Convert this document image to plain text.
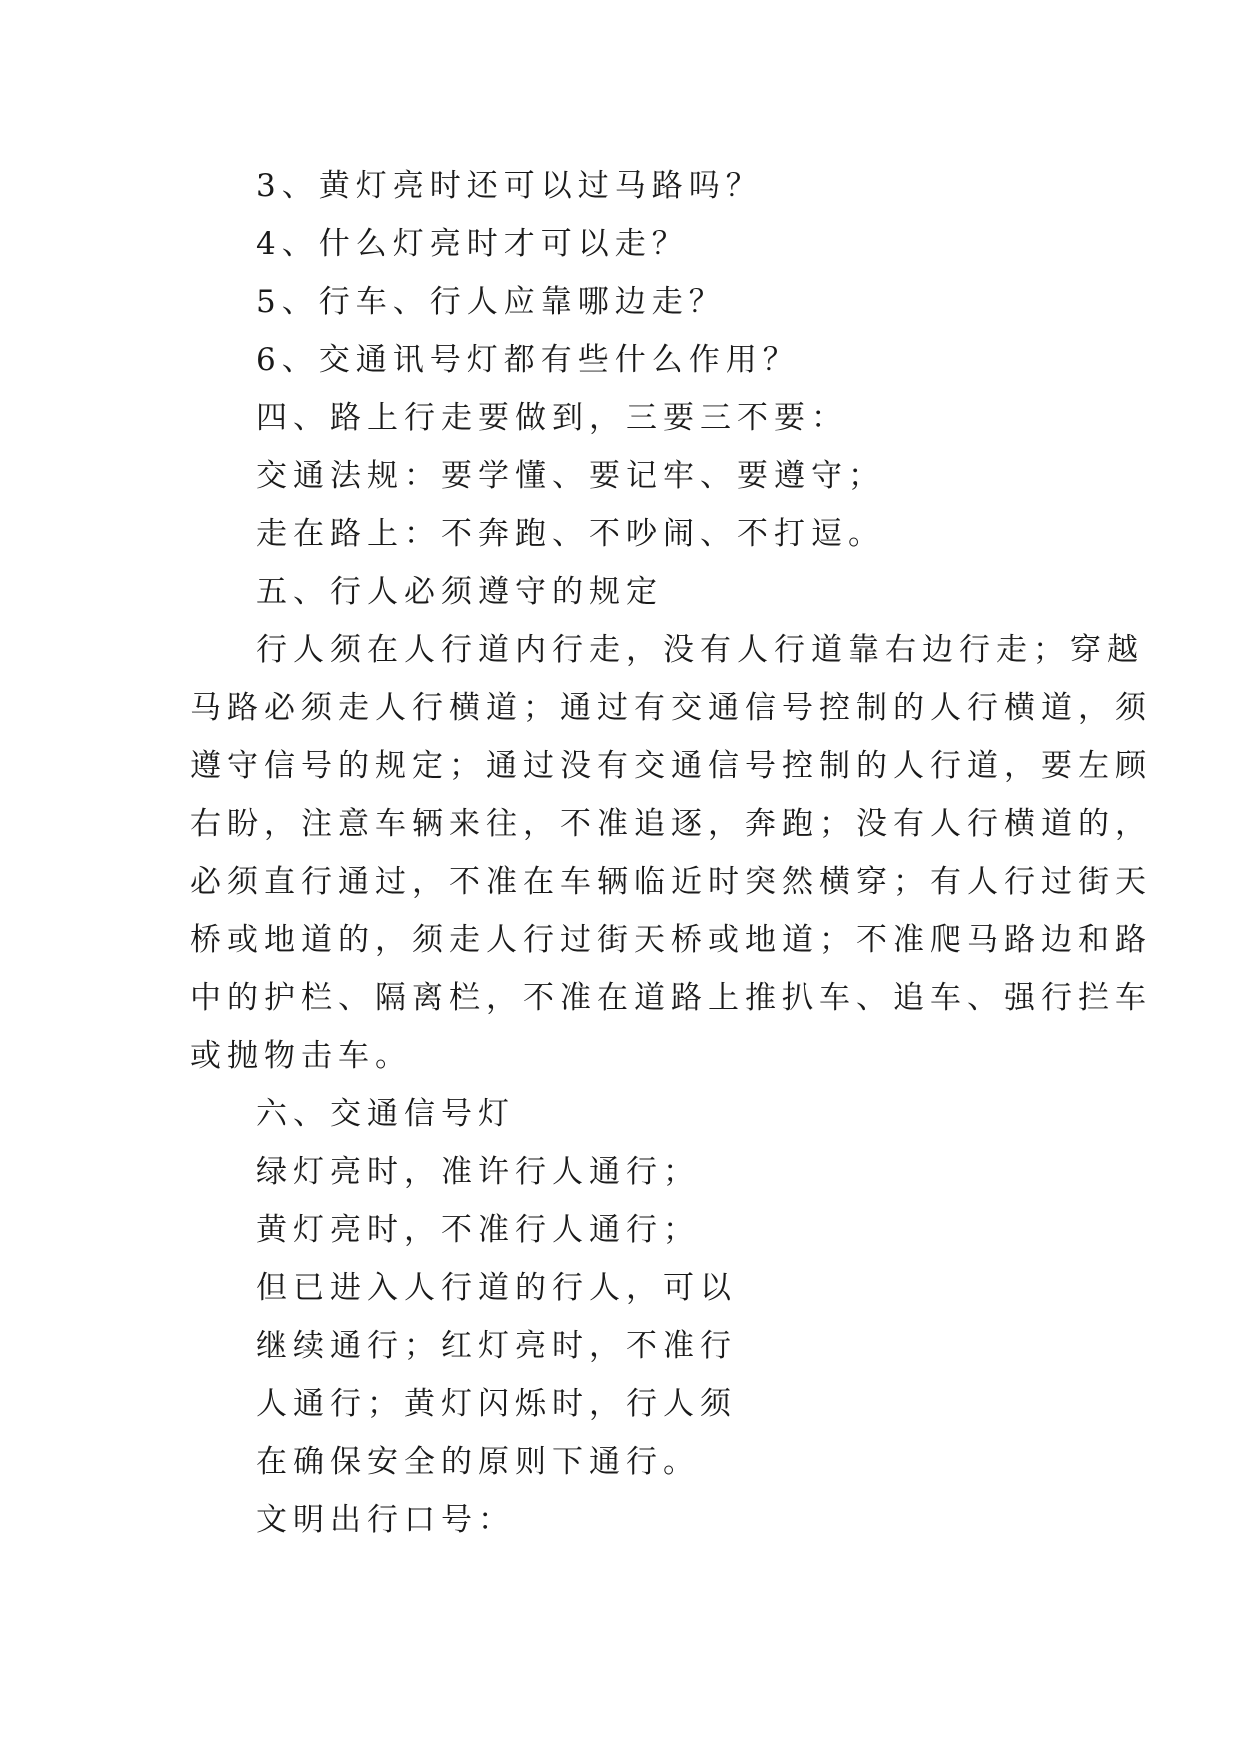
3、黄灯亮时还可以过马路吗？

4、什么灯亮时才可以走？

5、行车、行人应靠哪边走？

6、交通讯号灯都有些什么作用？

四、路上行走要做到，三要三不要：

交通法规：要学懂、要记牢、要遵守；

走在路上：不奔跑、不吵闹、不打逗。

五、行人必须遵守的规定

行人须在人行道内行走，没有人行道靠右边行走；穿越

马路必须走人行横道；通过有交通信号控制的人行横道，须

遵守信号的规定；通过没有交通信号控制的人行道，要左顾

右盼，注意车辆来往，不准追逐，奔跑；没有人行横道的，

必须直行通过，不准在车辆临近时突然横穿；有人行过街天

桥或地道的，须走人行过街天桥或地道；不准爬马路边和路

中的护栏、隔离栏，不准在道路上推扒车、追车、强行拦车

或抛物击车。

六、交通信号灯

绿灯亮时，准许行人通行；

黄灯亮时，不准行人通行；

但已进入人行道的行人，可以

继续通行；红灯亮时，不准行

人通行；黄灯闪烁时，行人须

在确保安全的原则下通行。

文明出行口号：
